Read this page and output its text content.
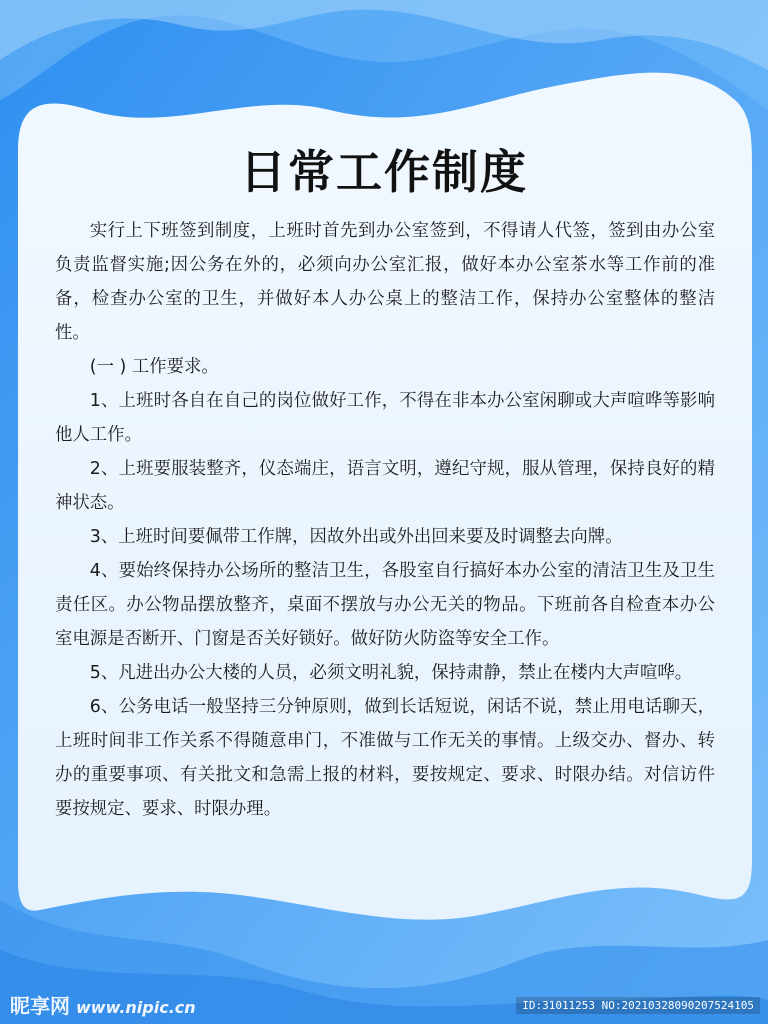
日常工作制度

实行上下班签到制度，上班时首先到办公室签到，不得请人代签，签到由办公室负责监督实施;因公务在外的，必须向办公室汇报，做好本办公室茶水等工作前的准备，检查办公室的卫生，并做好本人办公桌上的整洁工作，保持办公室整体的整洁性。

(一 ) 工作要求。

1、上班时各自在自己的岗位做好工作，不得在非本办公室闲聊或大声喧哗等影响他人工作。

2、上班要服装整齐，仪态端庄，语言文明，遵纪守规，服从管理，保持良好的精神状态。

3、上班时间要佩带工作牌，因故外出或外出回来要及时调整去向牌。

4、要始终保持办公场所的整洁卫生，各股室自行搞好本办公室的清洁卫生及卫生责任区。办公物品摆放整齐，桌面不摆放与办公无关的物品。下班前各自检查本办公室电源是否断开、门窗是否关好锁好。做好防火防盗等安全工作。

5、凡进出办公大楼的人员，必须文明礼貌，保持肃静，禁止在楼内大声喧哗。

6、公务电话一般坚持三分钟原则，做到长话短说，闲话不说，禁止用电话聊天，上班时间非工作关系不得随意串门，不准做与工作无关的事情。上级交办、督办、转办的重要事项、有关批文和急需上报的材料，要按规定、要求、时限办结。对信访件要按规定、要求、时限办理。

昵享网 www.nipic.cn	ID:31011253 NO:20210328090207524105
